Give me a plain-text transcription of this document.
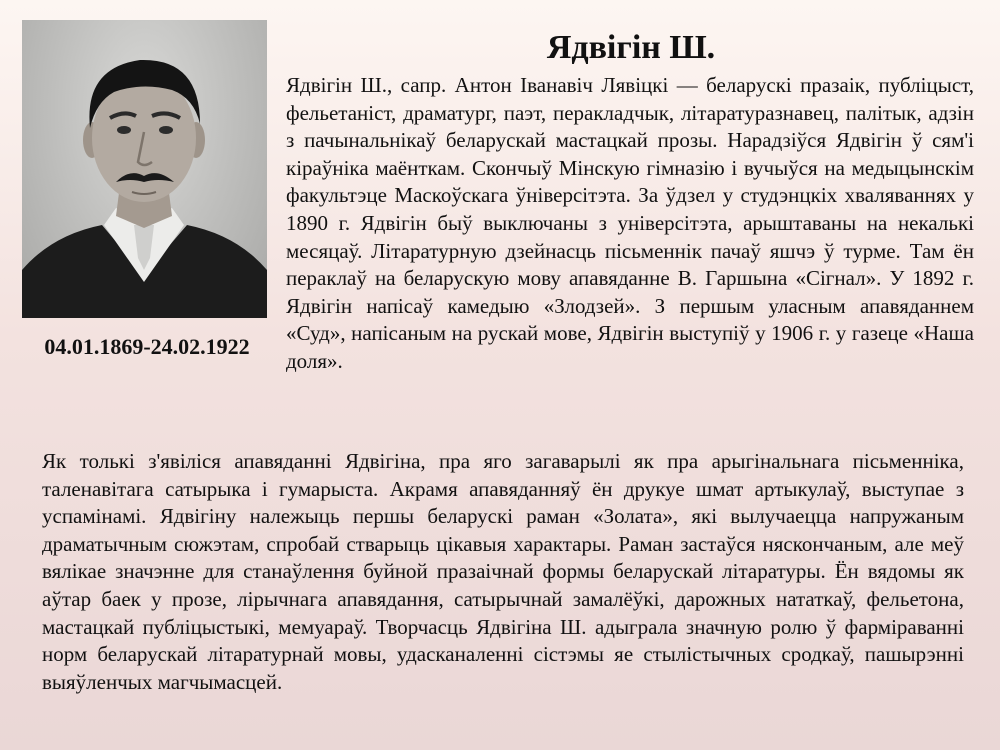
04.01.1869-24.02.1922
Ядвігін Ш.

Ядвігін Ш., сапр. Антон Іванавіч Лявіцкі — беларускі празаік, публіцыст, фельетаніст, драматург, паэт, перакладчык, літаратуразнавец, палітык, адзін з пачынальнікаў беларускай мастацкай прозы. Нарадзіўся Ядвігін ў сям'і кіраўніка маёнткам. Скончыў Мінскую гімназію і вучыўся на медыцынскім факультэце Маскоўскага ўніверсітэта. За ўдзел у студэнцкіх хваляваннях у 1890 г. Ядвігін быў выключаны з універсітэта, арыштаваны на некалькі месяцаў. Літаратурную дзейнасць пісьменнік пачаў яшчэ ў турме. Там ён пераклаў на беларускую мову апавяданне В. Гаршына «Сігнал». У 1892 г. Ядвігін напісаў камедыю «Злодзей». З першым уласным апавяданнем «Суд», напісаным на рускай мове, Ядвігін выступіў у 1906 г. у газеце «Наша доля».

Як толькі з'явіліся апавяданні Ядвігіна, пра яго загаварылі як пра арыгінальнага пісьменніка, таленавітага сатырыка і гумарыста. Акрамя апавяданняў ён друкуе шмат артыкулаў, выступае з успамінамі. Ядвігіну належыць першы беларускі раман «Золата», які вылучаецца напружаным драматычным сюжэтам, спробай стварыць цікавыя характары. Раман застаўся няскончаным, але меў вялікае значэнне для станаўлення буйной празаічнай формы беларускай літаратуры. Ён вядомы як аўтар баек у прозе, лірычнага апавядання, сатырычнай замалёўкі, дарожных нататкаў, фельетона, мастацкай публіцыстыкі, мемуараў. Творчасць Ядвігіна Ш. адыграла значную ролю ў фарміраванні норм беларускай літаратурнай мовы, удасканаленні сістэмы яе стылістычных сродкаў, пашырэнні выяўленчых магчымасцей.
